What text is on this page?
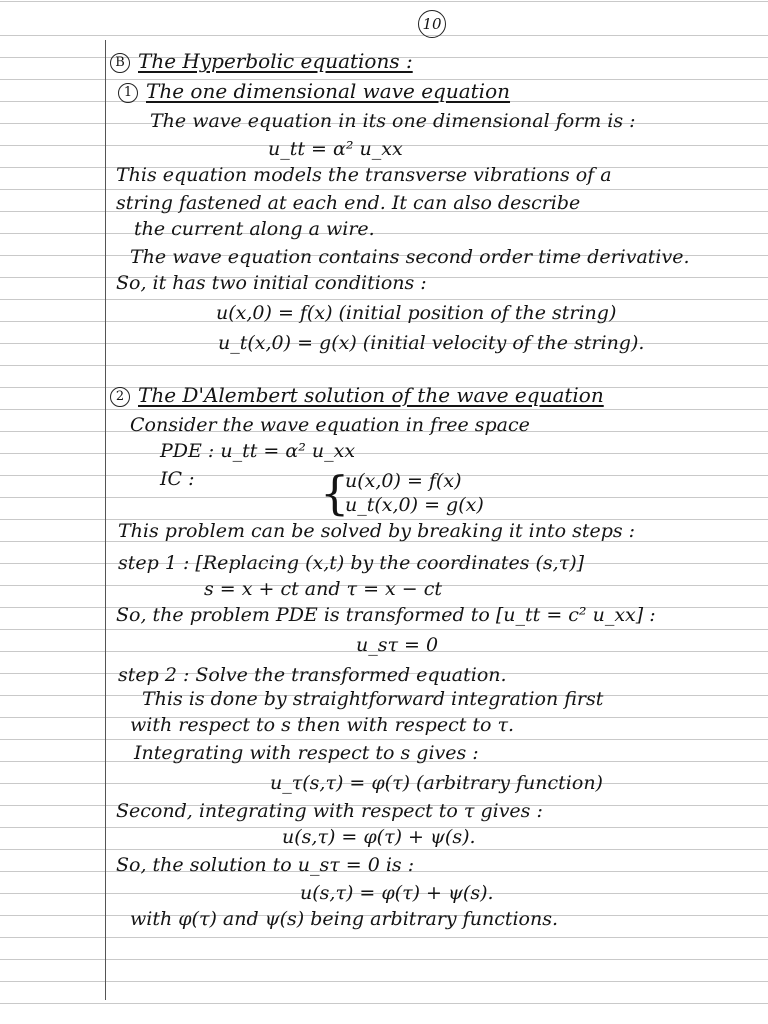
10
B The Hyperbolic equations :
1 The one dimensional wave equation
The wave equation in its one dimensional form is :
u_tt = α² u_xx
This equation models the transverse vibrations of a
string fastened at each end. It can also describe
the current along a wire.
The wave equation contains second order time derivative.
So, it has two initial conditions :
u(x,0) = f(x) (initial position of the string)
u_t(x,0) = g(x) (initial velocity of the string).
2 The D'Alembert solution of the wave equation
Consider the wave equation in free space
PDE : u_tt = α² u_xx
IC :	{
u(x,0) = f(x)
u_t(x,0) = g(x)
This problem can be solved by breaking it into steps :
step 1 : [Replacing (x,t) by the coordinates (s,τ)]
s = x + ct and τ = x − ct
So, the problem PDE is transformed to [u_tt = c² u_xx] :
u_sτ = 0
step 2 : Solve the transformed equation.
This is done by straightforward integration first
with respect to s then with respect to τ.
Integrating with respect to s gives :
u_τ(s,τ) = φ(τ) (arbitrary function)
Second, integrating with respect to τ gives :
u(s,τ) = φ(τ) + ψ(s).
So, the solution to u_sτ = 0 is :
u(s,τ) = φ(τ) + ψ(s).
with φ(τ) and ψ(s) being arbitrary functions.
